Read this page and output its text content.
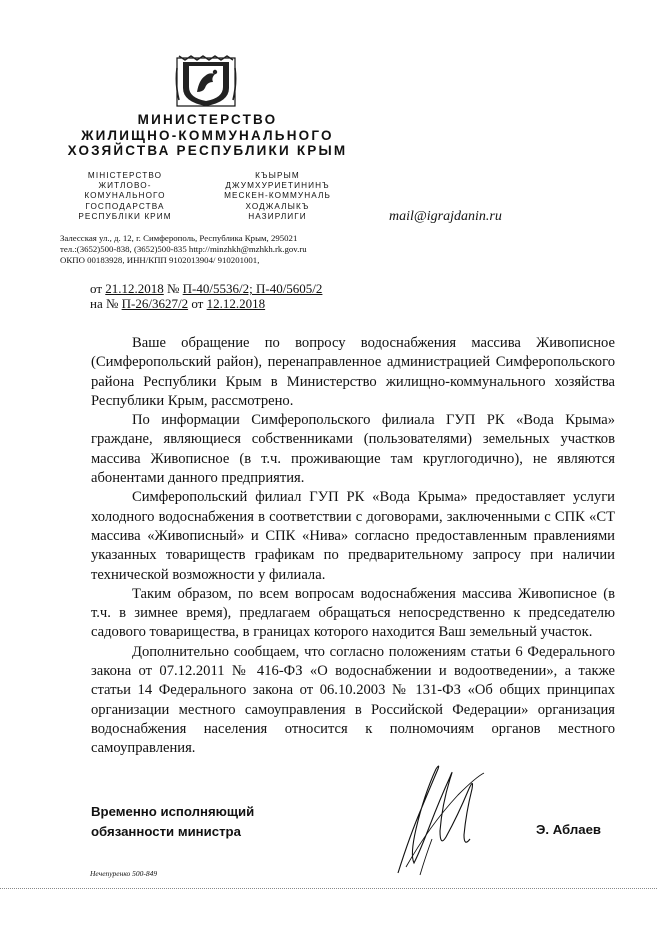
МИНИСТЕРСТВО
ЖИЛИЩНО-КОММУНАЛЬНОГО
ХОЗЯЙСТВА РЕСПУБЛИКИ КРЫМ
МІНІСТЕРСТВО
ЖИТЛОВО-
КОМУНАЛЬНОГО
ГОСПОДАРСТВА
РЕСПУБЛІКИ КРИМ
КЪЫРЫМ
ДЖУМХУРИЕТИНИНЪ
МЕСКЕН-КОММУНАЛЬ
ХОДЖАЛЫКЪ
НАЗИРЛИГИ	mail@igrajdanin.ru
Залесская ул., д. 12, г. Симферополь, Республика Крым, 295021
тел.:(3652)500-838, (3652)500-835 http://minzhkh@mzhkh.rk.gov.ru
ОКПО 00183928, ИНН/КПП 9102013904/ 910201001,
от 21.12.2018 № П-40/5536/2; П-40/5605/2
на № П-26/3627/2 от 12.12.2018

Ваше обращение по вопросу водоснабжения массива Живописное (Симферопольский район), перенаправленное администрацией Симферопольского района Республики Крым в Министерство жилищно-коммунального хозяйства Республики Крым, рассмотрено.

По информации Симферопольского филиала ГУП РК «Вода Крыма» граждане, являющиеся собственниками (пользователями) земельных участков массива Живописное (в т.ч. проживающие там круглогодично), не являются абонентами данного предприятия.

Симферопольский филиал ГУП РК «Вода Крыма» предоставляет услуги холодного водоснабжения в соответствии с договорами, заключенными с СПК «СТ массива «Живописный» и СПК «Нива» согласно предоставленным правлениями указанных товариществ графикам по предварительному запросу при наличии технической возможности у филиала.

Таким образом, по всем вопросам водоснабжения массива Живописное (в т.ч. в зимнее время), предлагаем обращаться непосредственно к председателю садового товарищества, в границах которого находится Ваш земельный участок.

Дополнительно сообщаем, что согласно положениям статьи 6 Федерального закона от 07.12.2011 № 416-ФЗ «О водоснабжении и водоотведении», а также статьи 14 Федерального закона от 06.10.2003 № 131-ФЗ «Об общих принципах организации местного самоуправления в Российской Федерации» организация водоснабжения населения относится к полномочиям органов местного самоуправления.

Временно исполняющий
обязанности министра	Э. Аблаев
Нечепуренко 500-849
